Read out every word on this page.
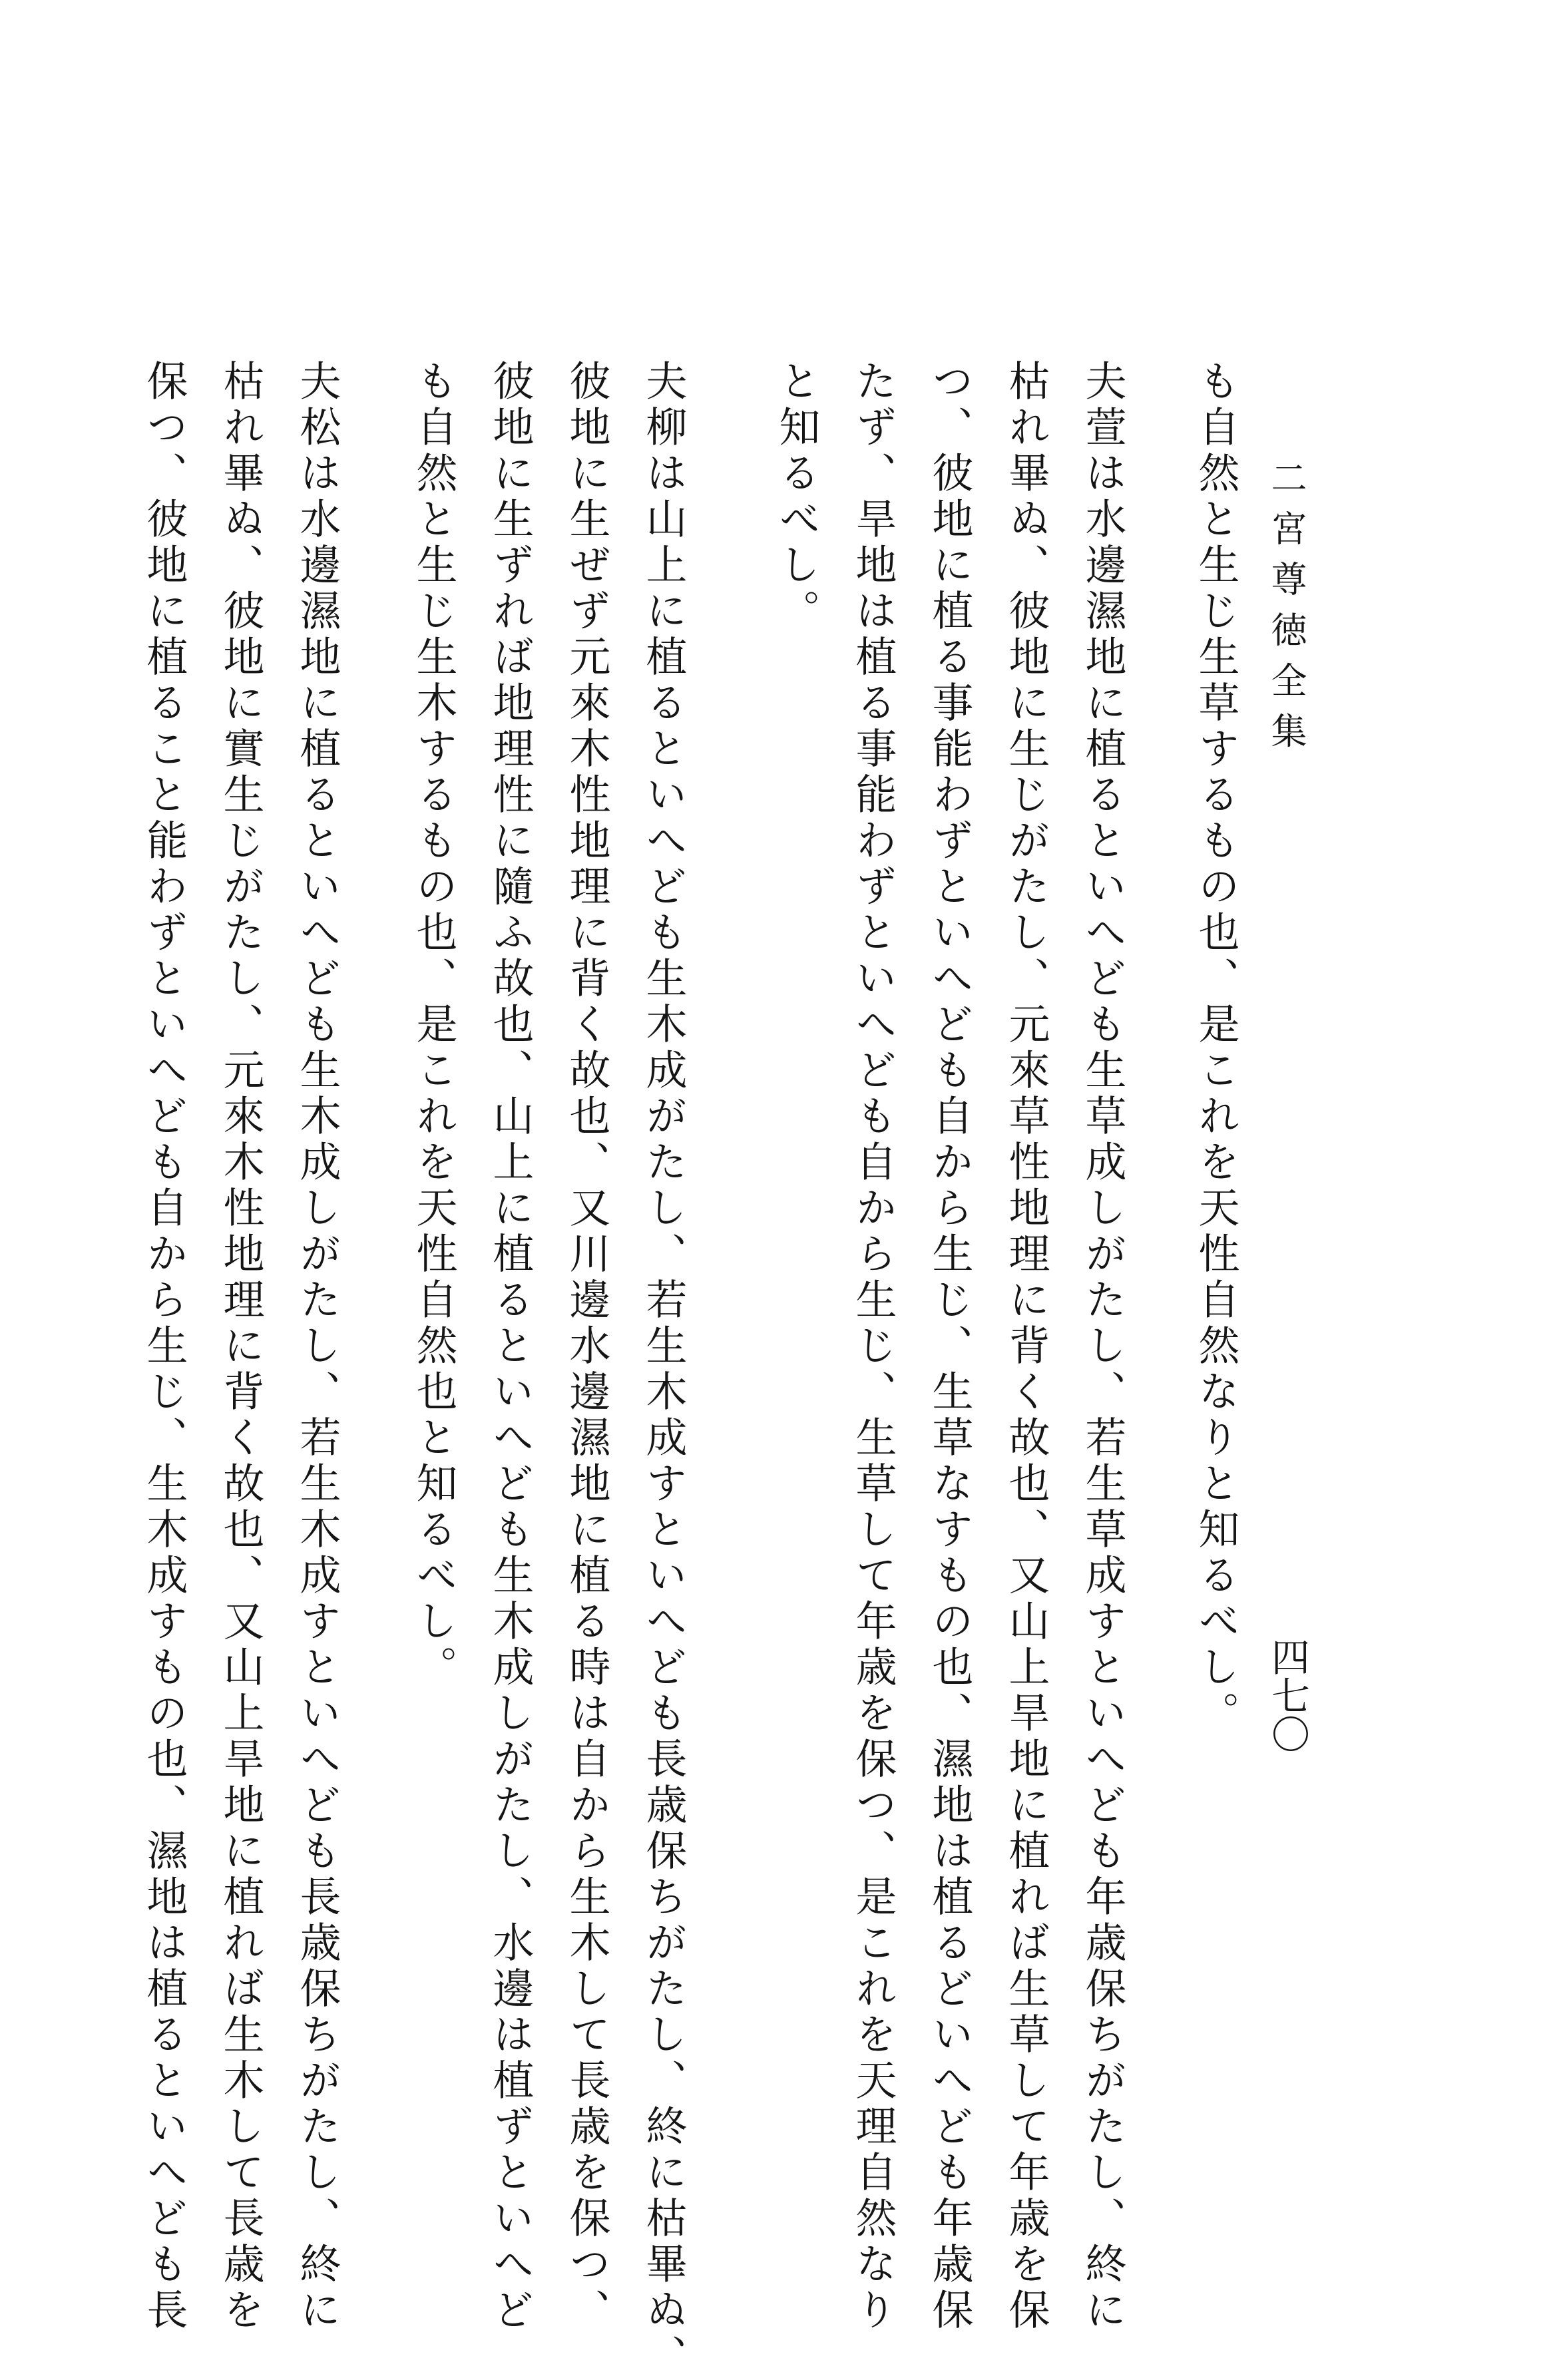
二宮尊徳全集
四七〇
も自然と生じ生草するもの也、是これを天性自然なりと知るべし。
夫萱は水邊濕地に植るといへども生草成しがたし、若生草成すといへども年歳保ちがたし、終に
枯れ畢ぬ、彼地に生じがたし、元來草性地理に背く故也、又山上旱地に植れば生草して年歳を保
つ、彼地に植る事能わずといへども自から生じ、生草なすもの也、濕地は植るどいへども年歳保
たず、旱地は植る事能わずといへども自から生じ、生草して年歳を保つ、是これを天理自然なり
と知るべし。
夫柳は山上に植るといへども生木成がたし、若生木成すといへども長歳保ちがたし、終に枯畢ぬ、
彼地に生ぜず元來木性地理に背く故也、又川邊水邊濕地に植る時は自から生木して長歳を保つ、
彼地に生ずれば地理性に隨ふ故也、山上に植るといへども生木成しがたし、水邊は植ずといへど
も自然と生じ生木するもの也、是これを天性自然也と知るべし。
夫松は水邊濕地に植るといへども生木成しがたし、若生木成すといへども長歳保ちがたし、終に
枯れ畢ぬ、彼地に實生じがたし、元來木性地理に背く故也、又山上旱地に植れば生木して長歳を
保つ、彼地に植ること能わずといへども自から生じ、生木成すもの也、濕地は植るといへども長
